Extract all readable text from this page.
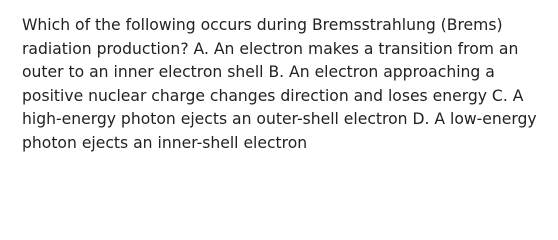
Which of the following occurs during Bremsstrahlung (Brems) radiation production? A. An electron makes a transition from an outer to an inner electron shell B. An electron approaching a positive nuclear charge changes direction and loses energy C. A high-energy photon ejects an outer-shell electron D. A low-energy photon ejects an inner-shell electron
